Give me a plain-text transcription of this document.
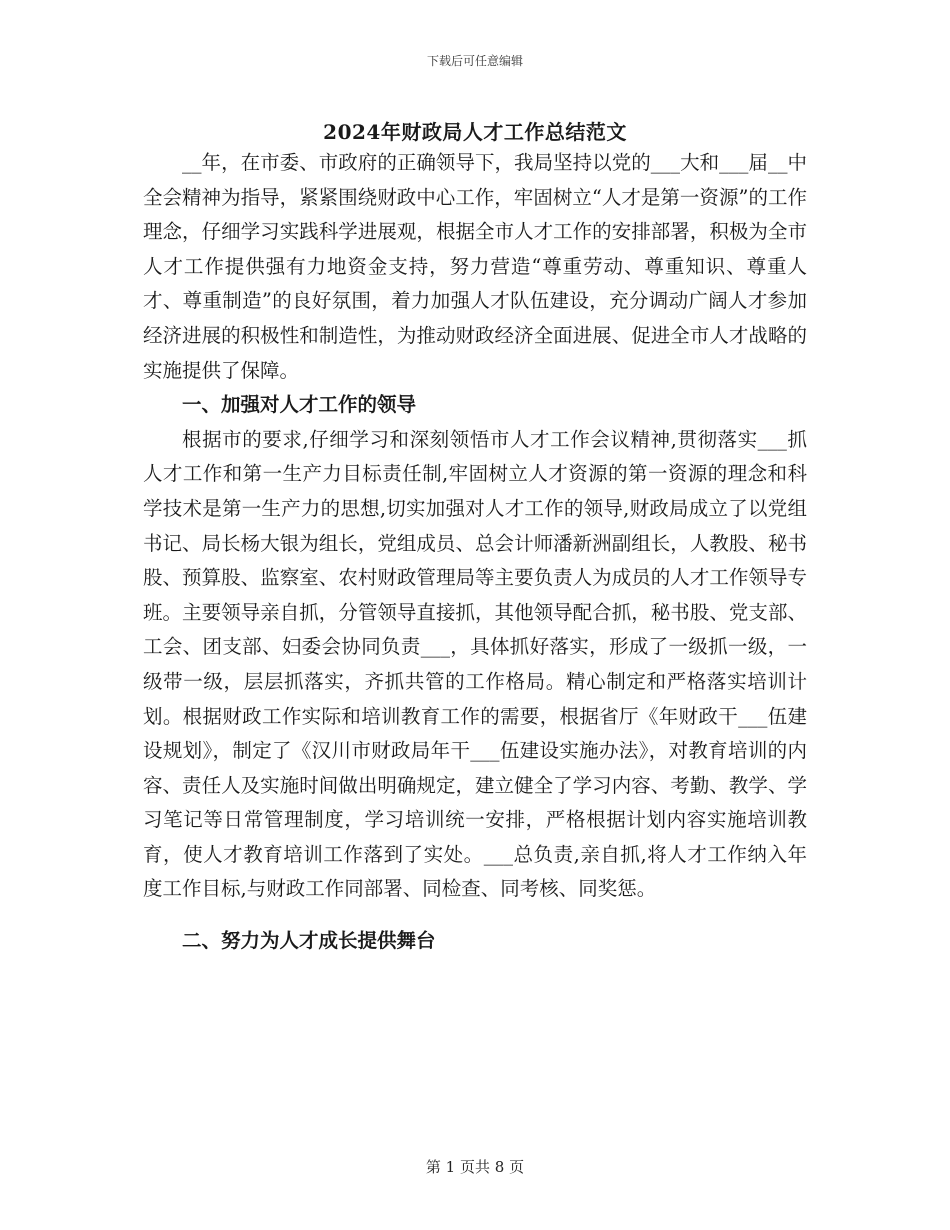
下载后可任意编辑
2024年财政局人才工作总结范文

__年，在市委、市政府的正确领导下，我局坚持以党的___大和___届__中全会精神为指导，紧紧围绕财政中心工作，牢固树立“人才是第一资源”的工作理念，仔细学习实践科学进展观，根据全市人才工作的安排部署，积极为全市人才工作提供强有力地资金支持，努力营造“尊重劳动、尊重知识、尊重人才、尊重制造”的良好氛围，着力加强人才队伍建设，充分调动广阔人才参加经济进展的积极性和制造性，为推动财政经济全面进展、促进全市人才战略的实施提供了保障。

一、加强对人才工作的领导

根据市的要求,仔细学习和深刻领悟市人才工作会议精神,贯彻落实___抓人才工作和第一生产力目标责任制,牢固树立人才资源的第一资源的理念和科学技术是第一生产力的思想,切实加强对人才工作的领导,财政局成立了以党组书记、局长杨大银为组长，党组成员、总会计师潘新洲副组长，人教股、秘书股、预算股、监察室、农村财政管理局等主要负责人为成员的人才工作领导专班。主要领导亲自抓，分管领导直接抓，其他领导配合抓，秘书股、党支部、工会、团支部、妇委会协同负责___，具体抓好落实，形成了一级抓一级，一级带一级，层层抓落实，齐抓共管的工作格局。精心制定和严格落实培训计划。根据财政工作实际和培训教育工作的需要，根据省厅《年财政干___伍建设规划》，制定了《汉川市财政局年干___伍建设实施办法》，对教育培训的内容、责任人及实施时间做出明确规定，建立健全了学习内容、考勤、教学、学习笔记等日常管理制度，学习培训统一安排，严格根据计划内容实施培训教育，使人才教育培训工作落到了实处。___总负责,亲自抓,将人才工作纳入年度工作目标,与财政工作同部署、同检查、同考核、同奖惩。

二、努力为人才成长提供舞台

第 1 页共 8 页
